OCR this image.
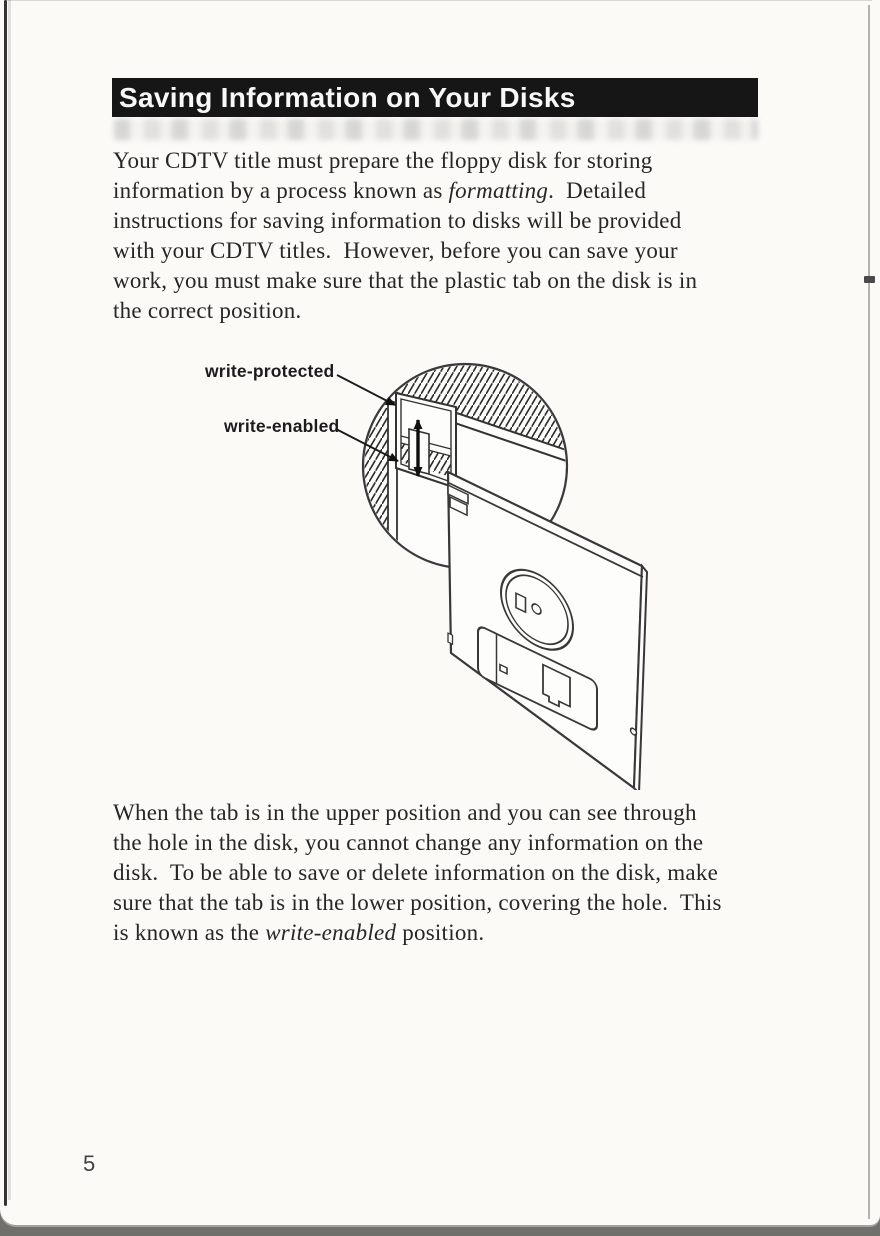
Saving Information on Your Disks
Your CDTV title must prepare the floppy disk for storing
information by a process known as formatting.  Detailed
instructions for saving information to disks will be provided
with your CDTV titles.  However, before you can save your
work, you must make sure that the plastic tab on the disk is in
the correct position.
write-protected
write-enabled
When the tab is in the upper position and you can see through
the hole in the disk, you cannot change any information on the
disk.  To be able to save or delete information on the disk, make
sure that the tab is in the lower position, covering the hole.  This
is known as the write-enabled position.
5
